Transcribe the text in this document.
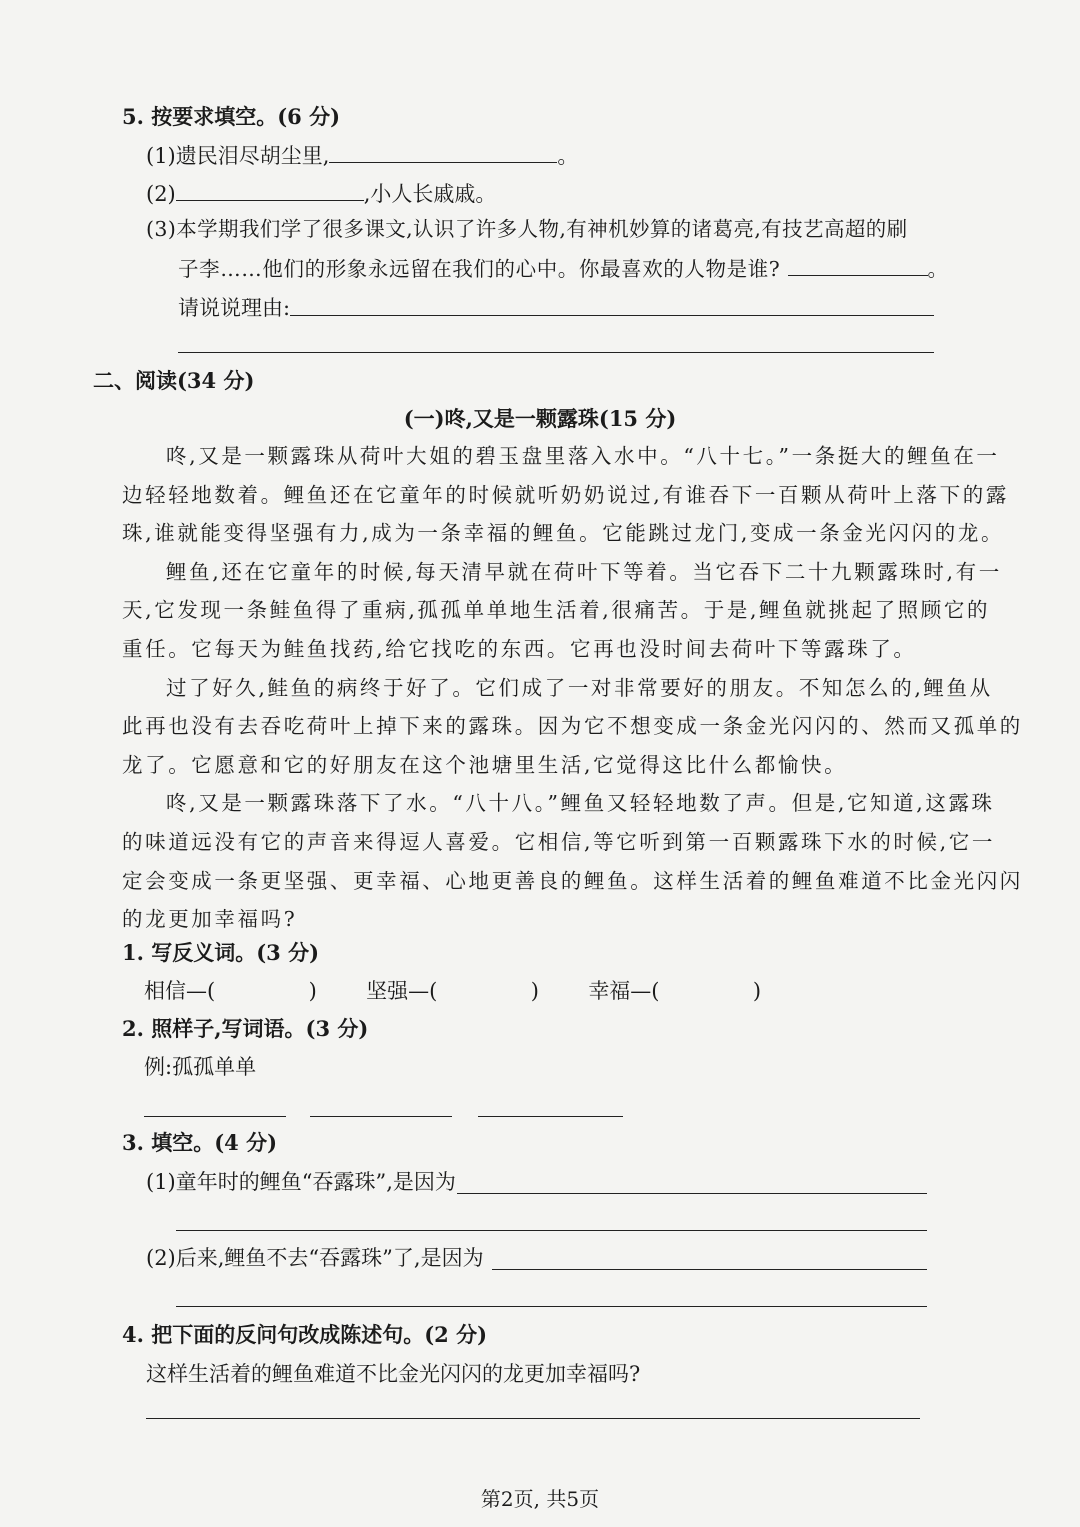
5. 按要求填空。(6 分)
(1)遗民泪尽胡尘里,	。
(2)	,小人长戚戚。
(3)本学期我们学了很多课文,认识了许多人物,有神机妙算的诸葛亮,有技艺高超的刷
子李……他们的形象永远留在我们的心中。你最喜欢的人物是谁?	。
请说说理由:
二、阅读(34 分)
(一)咚,又是一颗露珠(15 分)
咚,又是一颗露珠从荷叶大姐的碧玉盘里落入水中。“八十七。”一条挺大的鲤鱼在一
边轻轻地数着。鲤鱼还在它童年的时候就听奶奶说过,有谁吞下一百颗从荷叶上落下的露
珠,谁就能变得坚强有力,成为一条幸福的鲤鱼。它能跳过龙门,变成一条金光闪闪的龙。
鲤鱼,还在它童年的时候,每天清早就在荷叶下等着。当它吞下二十九颗露珠时,有一
天,它发现一条鲑鱼得了重病,孤孤单单地生活着,很痛苦。于是,鲤鱼就挑起了照顾它的
重任。它每天为鲑鱼找药,给它找吃的东西。它再也没时间去荷叶下等露珠了。
过了好久,鲑鱼的病终于好了。它们成了一对非常要好的朋友。不知怎么的,鲤鱼从
此再也没有去吞吃荷叶上掉下来的露珠。因为它不想变成一条金光闪闪的、然而又孤单的
龙了。它愿意和它的好朋友在这个池塘里生活,它觉得这比什么都愉快。
咚,又是一颗露珠落下了水。“八十八。”鲤鱼又轻轻地数了声。但是,它知道,这露珠
的味道远没有它的声音来得逗人喜爱。它相信,等它听到第一百颗露珠下水的时候,它一
定会变成一条更坚强、更幸福、心地更善良的鲤鱼。这样生活着的鲤鱼难道不比金光闪闪
的龙更加幸福吗?
1. 写反义词。(3 分)
相信—(	) 坚强—(	) 幸福—(	)
2. 照样子,写词语。(3 分)
例:孤孤单单
3. 填空。(4 分)
(1)童年时的鲤鱼“吞露珠”,是因为
(2)后来,鲤鱼不去“吞露珠”了,是因为
4. 把下面的反问句改成陈述句。(2 分)
这样生活着的鲤鱼难道不比金光闪闪的龙更加幸福吗?
第2页, 共5页
